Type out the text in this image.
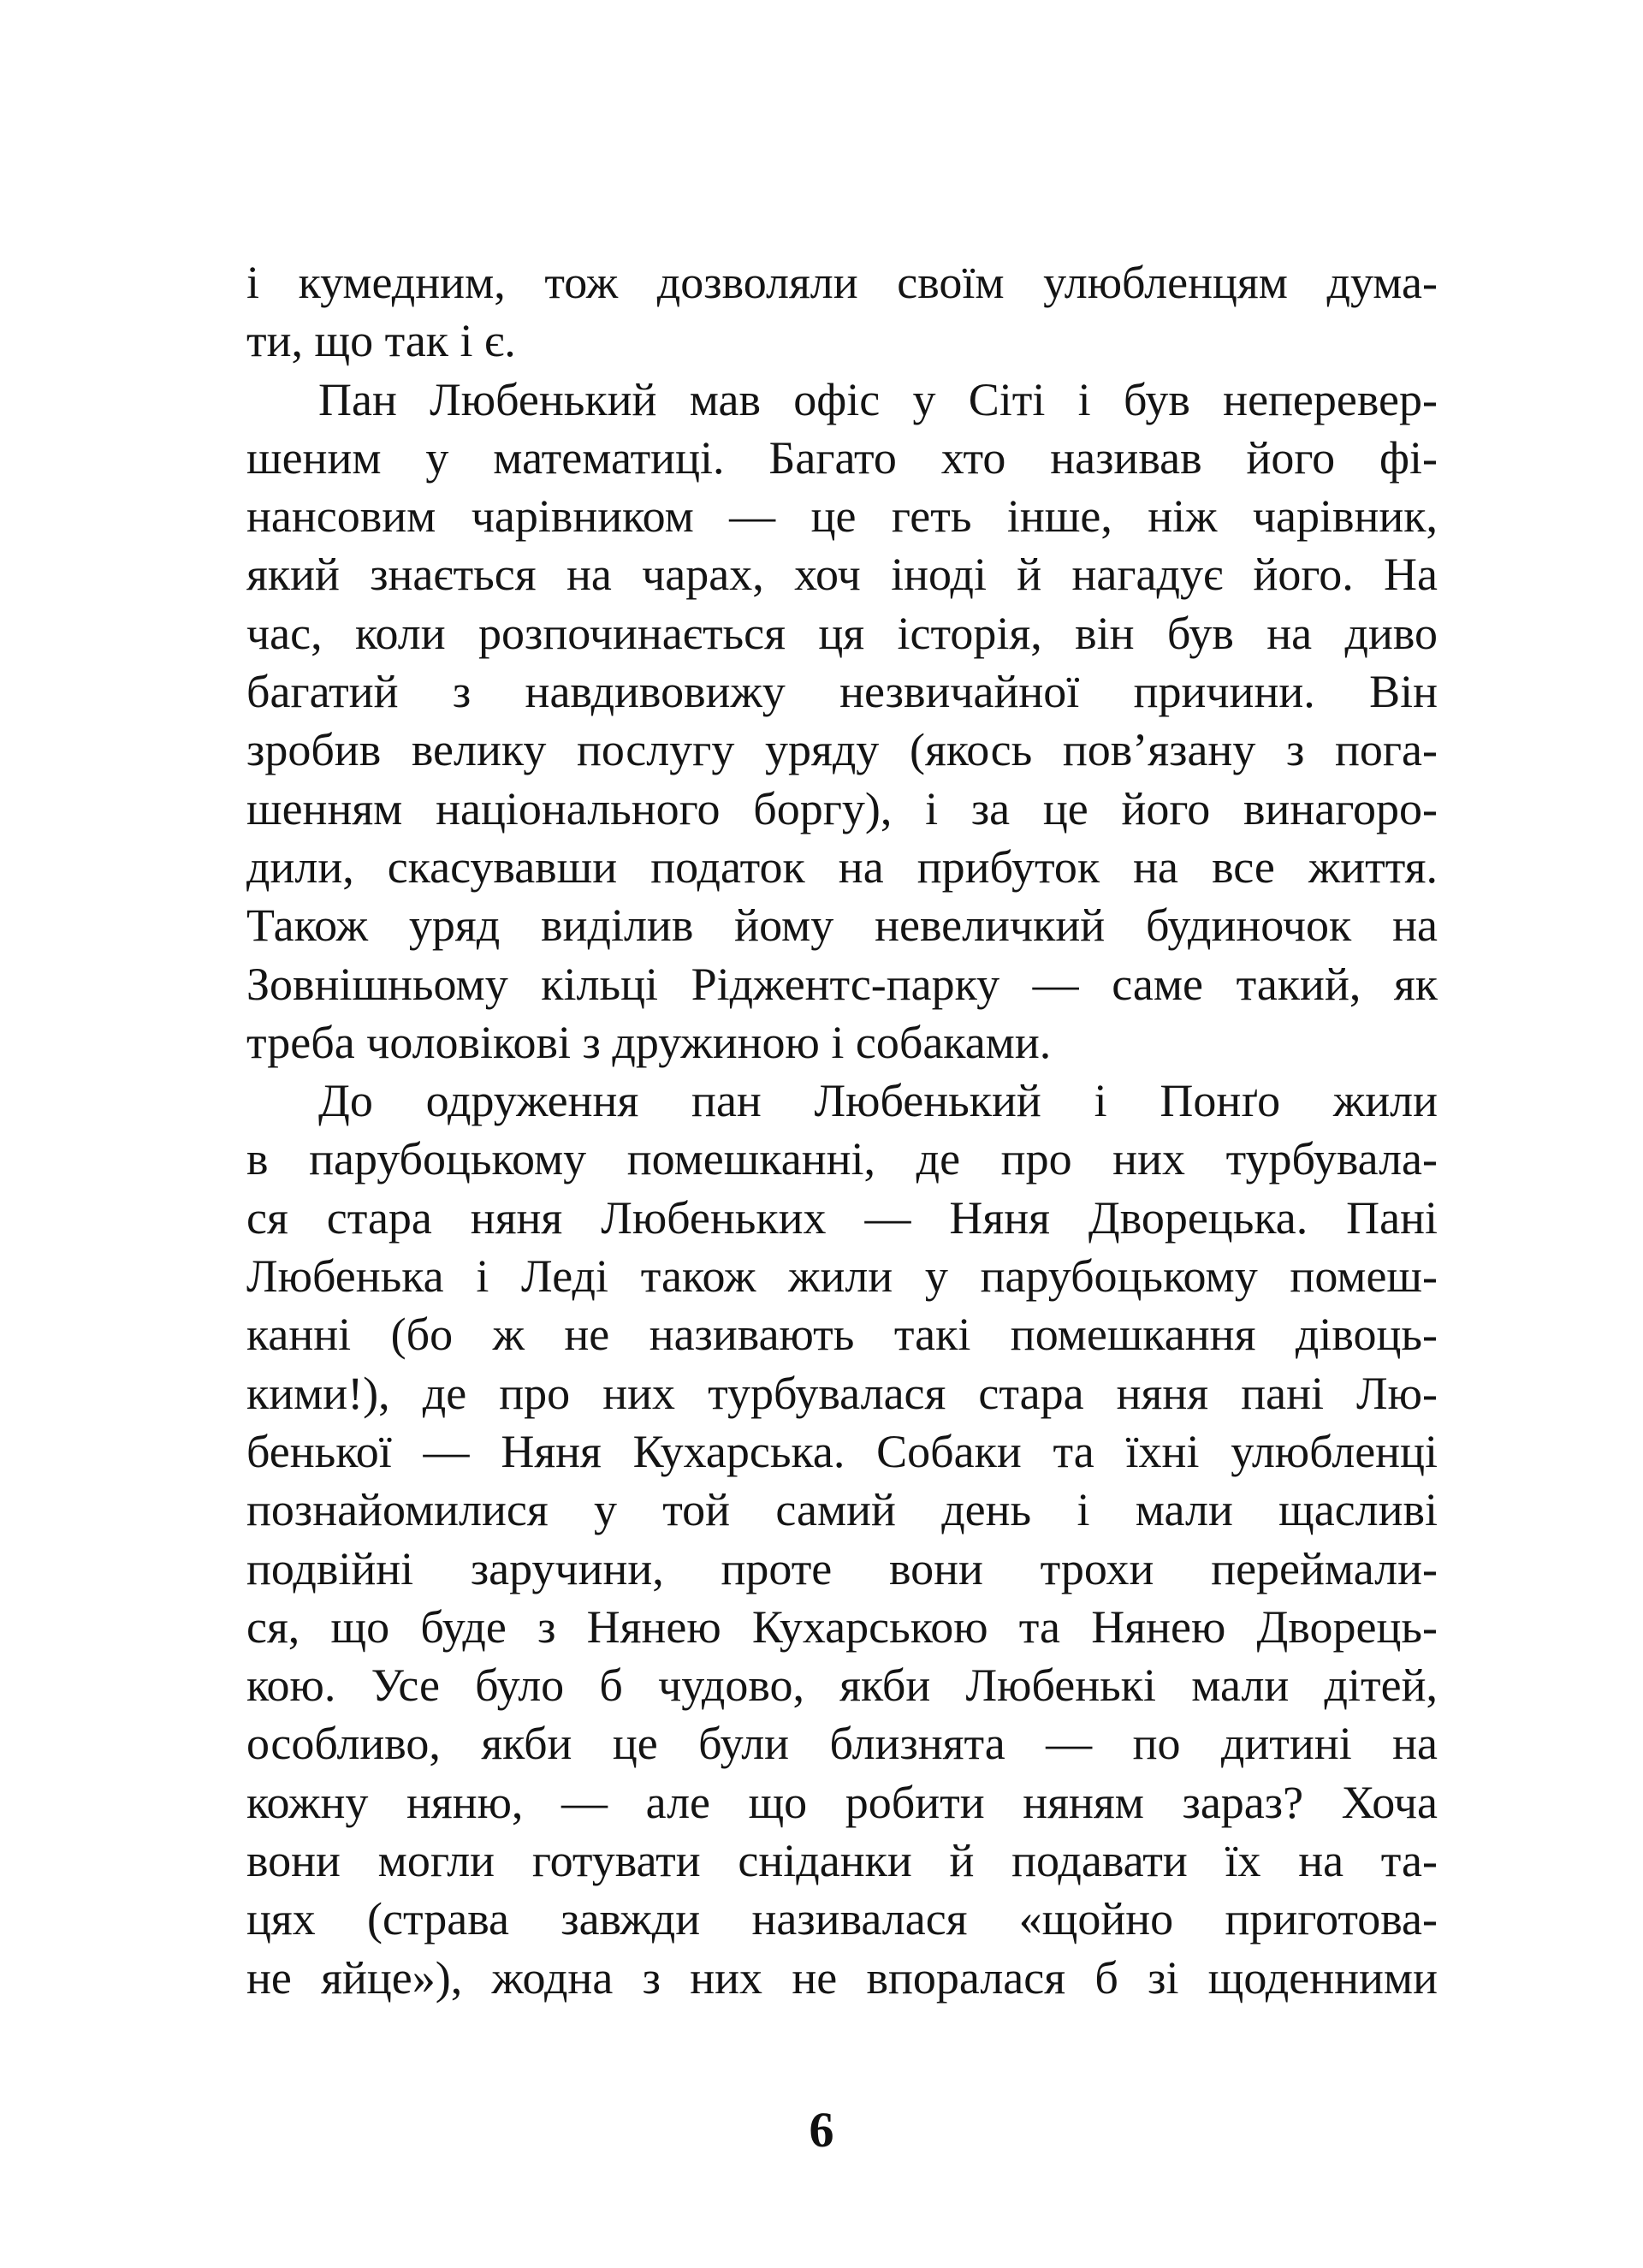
і кумедним, тож дозволяли своїм улюбленцям дума-
ти, що так і є.
Пан Любенький мав офіс у Сіті і був неперевер-
шеним у математиці. Багато хто називав його фі-
нансовим чарівником — це геть інше, ніж чарівник,
який знається на чарах, хоч іноді й нагадує його. На
час, коли розпочинається ця історія, він був на диво
багатий з навдивовижу незвичайної причини. Він
зробив велику послугу уряду (якось пов’язану з пога-
шенням національного боргу), і за це його винагоро-
дили, скасувавши податок на прибуток на все життя.
Також уряд виділив йому невеличкий будиночок на
Зовнішньому кільці Ріджентс-парку — саме такий, як
треба чоловікові з дружиною і собаками.
До одруження пан Любенький і Понґо жили
в парубоцькому помешканні, де про них турбувала-
ся стара няня Любеньких — Няня Дворецька. Пані
Любенька і Леді також жили у парубоцькому помеш-
канні (бо ж не називають такі помешкання дівоць-
кими!), де про них турбувалася стара няня пані Лю-
бенької — Няня Кухарська. Собаки та їхні улюбленці
познайомилися у той самий день і мали щасливі
подвійні заручини, проте вони трохи переймали-
ся, що буде з Нянею Кухарською та Нянею Дворець-
кою. Усе було б чудово, якби Любенькі мали дітей,
особливо, якби це були близнята — по дитині на
кожну няню, — але що робити няням зараз? Хоча
вони могли готувати сніданки й подавати їх на та-
цях (страва завжди називалася «щойно приготова-
не яйце»), жодна з них не впоралася б зі щоденними
6
